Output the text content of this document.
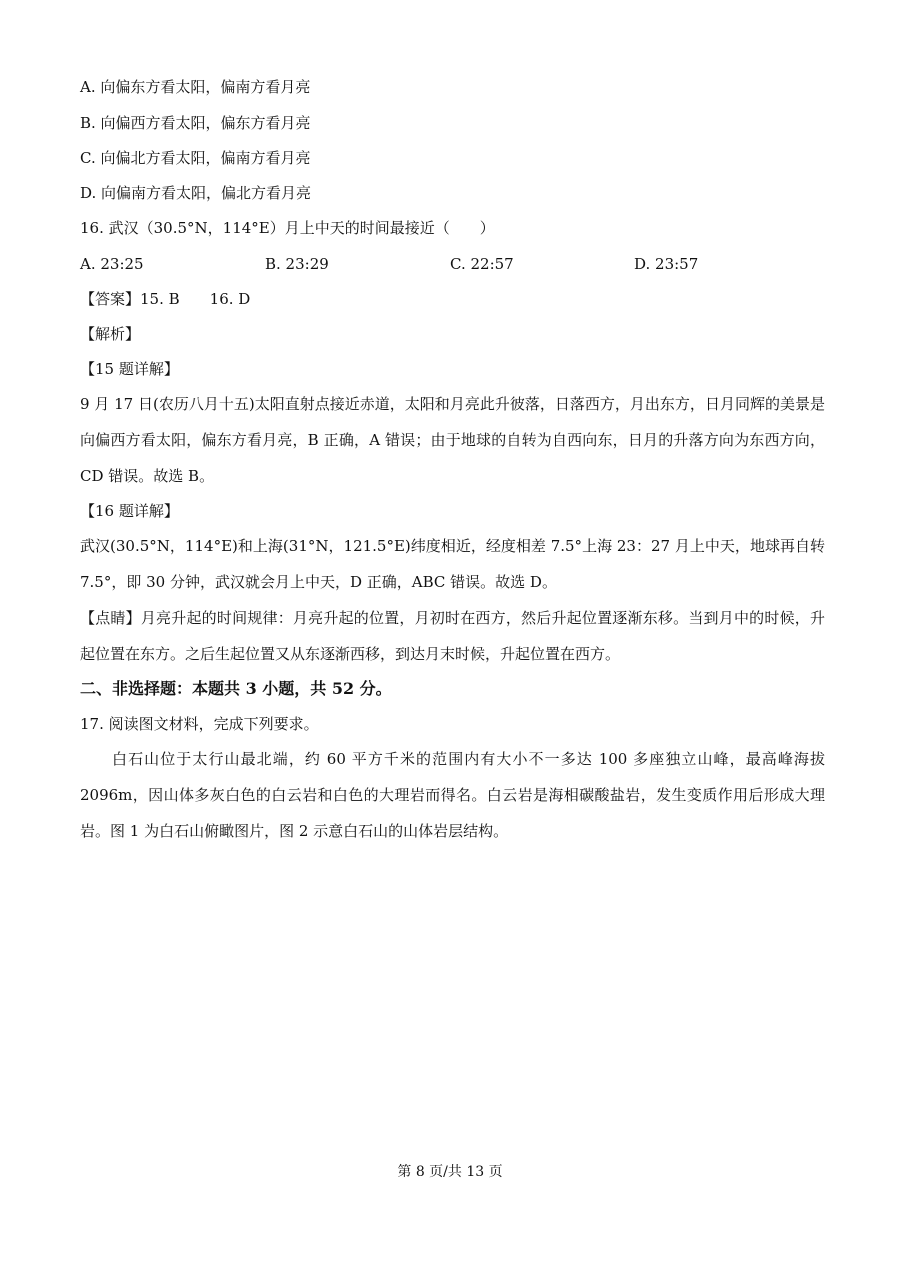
A. 向偏东方看太阳，偏南方看月亮
B. 向偏西方看太阳，偏东方看月亮
C. 向偏北方看太阳，偏南方看月亮
D. 向偏南方看太阳，偏北方看月亮
16. 武汉（30.5°N，114°E）月上中天的时间最接近（　　）
A. 23:25	B. 23:29	C. 22:57	D. 23:57
【答案】15. B　　16. D
【解析】
【15 题详解】
9 月 17 日(农历八月十五)太阳直射点接近赤道，太阳和月亮此升彼落，日落西方，月出东方，日月同辉的美景是向偏西方看太阳，偏东方看月亮，B 正确，A 错误；由于地球的自转为自西向东，日月的升落方向为东西方向，CD 错误。故选 B。
【16 题详解】
武汉(30.5°N，114°E)和上海(31°N，121.5°E)纬度相近，经度相差 7.5°上海 23：27 月上中天，地球再自转 7.5°，即 30 分钟，武汉就会月上中天，D 正确，ABC 错误。故选 D。
【点睛】月亮升起的时间规律：月亮升起的位置，月初时在西方，然后升起位置逐渐东移。当到月中的时候，升起位置在东方。之后生起位置又从东逐渐西移，到达月末时候，升起位置在西方。
二、非选择题：本题共 3 小题，共 52 分。
17. 阅读图文材料，完成下列要求。
白石山位于太行山最北端，约 60 平方千米的范围内有大小不一多达 100 多座独立山峰，最高峰海拔 2096m，因山体多灰白色的白云岩和白色的大理岩而得名。白云岩是海相碳酸盐岩，发生变质作用后形成大理岩。图 1 为白石山俯瞰图片，图 2 示意白石山的山体岩层结构。
第 8 页/共 13 页
